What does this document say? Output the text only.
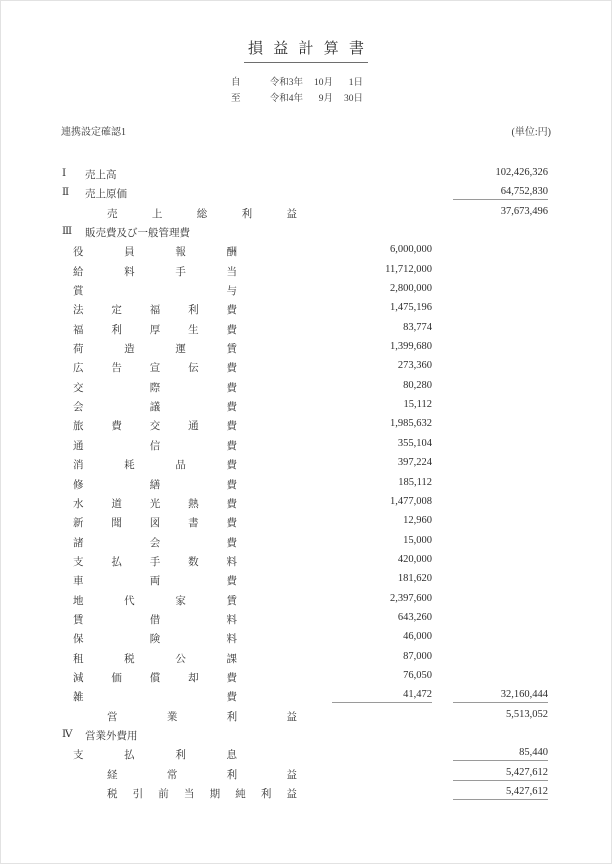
損 益 計 算 書
自	令和3年	10月	1日
至	令和4年	9月	30日
連携設定確認1	(単位:円)
Ⅰ	売上高	102,426,326
Ⅱ	売上原価	64,752,830
売	上	総	利	益	37,673,496
Ⅲ	販売費及び一般管理費
役	員	報	酬	6,000,000
給	料	手	当	11,712,000
賞	与	2,800,000
法	定	福	利	費	1,475,196
福	利	厚	生	費	83,774
荷	造	運	賃	1,399,680
広	告	宣	伝	費	273,360
交	際	費	80,280
会	議	費	15,112
旅	費	交	通	費	1,985,632
通	信	費	355,104
消	耗	品	費	397,224
修	繕	費	185,112
水	道	光	熱	費	1,477,008
新	聞	図	書	費	12,960
諸	会	費	15,000
支	払	手	数	料	420,000
車	両	費	181,620
地	代	家	賃	2,397,600
賃	借	料	643,260
保	険	料	46,000
租	税	公	課	87,000
減	価	償	却	費	76,050
雑	費	41,472	32,160,444
営	業	利	益	5,513,052
Ⅳ	営業外費用
支	払	利	息	85,440
経	常	利	益	5,427,612
税 引 前 当 期 純 利 益	5,427,612
